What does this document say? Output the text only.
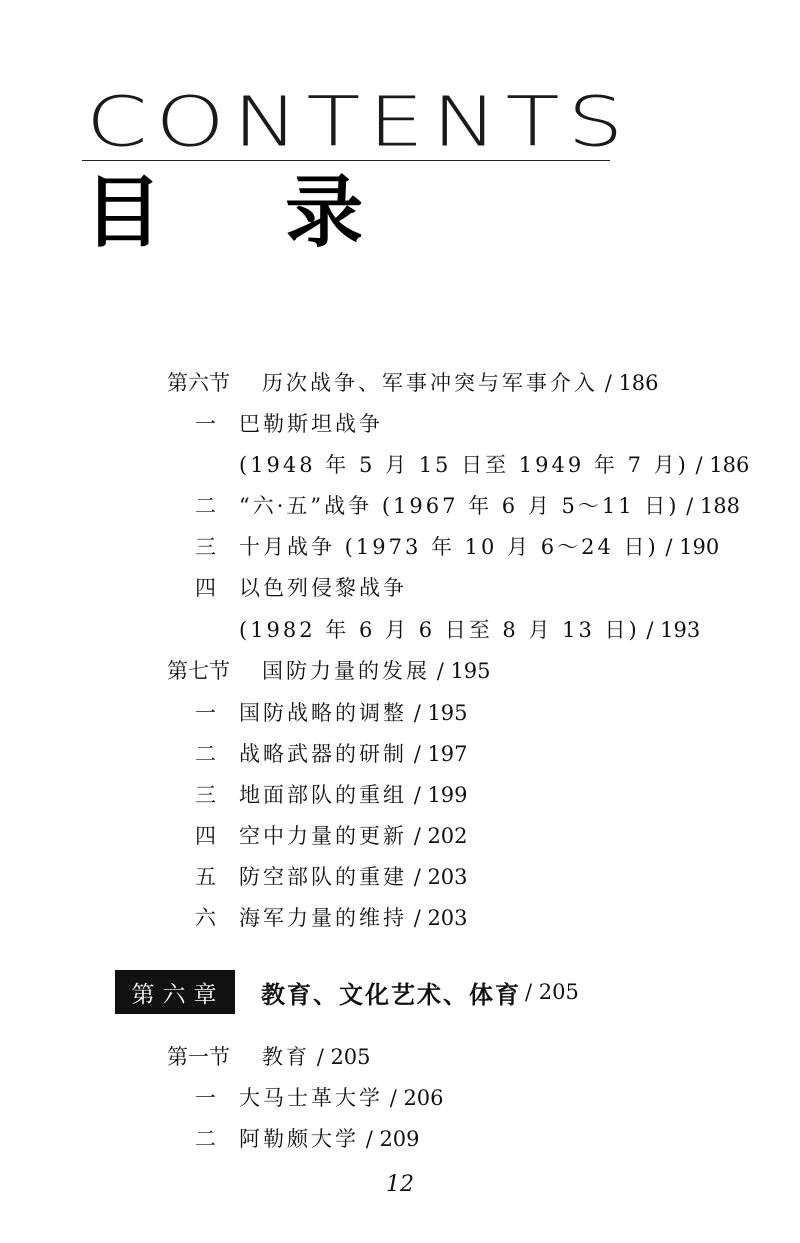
CONTENTS
目 录
第六节 历次战争、军事冲突与军事介入 / 186
一 巴勒斯坦战争
(1948 年 5 月 15 日至 1949 年 7 月) / 186
二 “六·五”战争 (1967 年 6 月 5～11 日) / 188
三 十月战争 (1973 年 10 月 6～24 日) / 190
四 以色列侵黎战争
(1982 年 6 月 6 日至 8 月 13 日) / 193
第七节 国防力量的发展 / 195
一 国防战略的调整 / 195
二 战略武器的研制 / 197
三 地面部队的重组 / 199
四 空中力量的更新 / 202
五 防空部队的重建 / 203
六 海军力量的维持 / 203
第六章	教育、文化艺术、体育 / 205
第一节 教育 / 205
一 大马士革大学 / 206
二 阿勒颇大学 / 209
12
